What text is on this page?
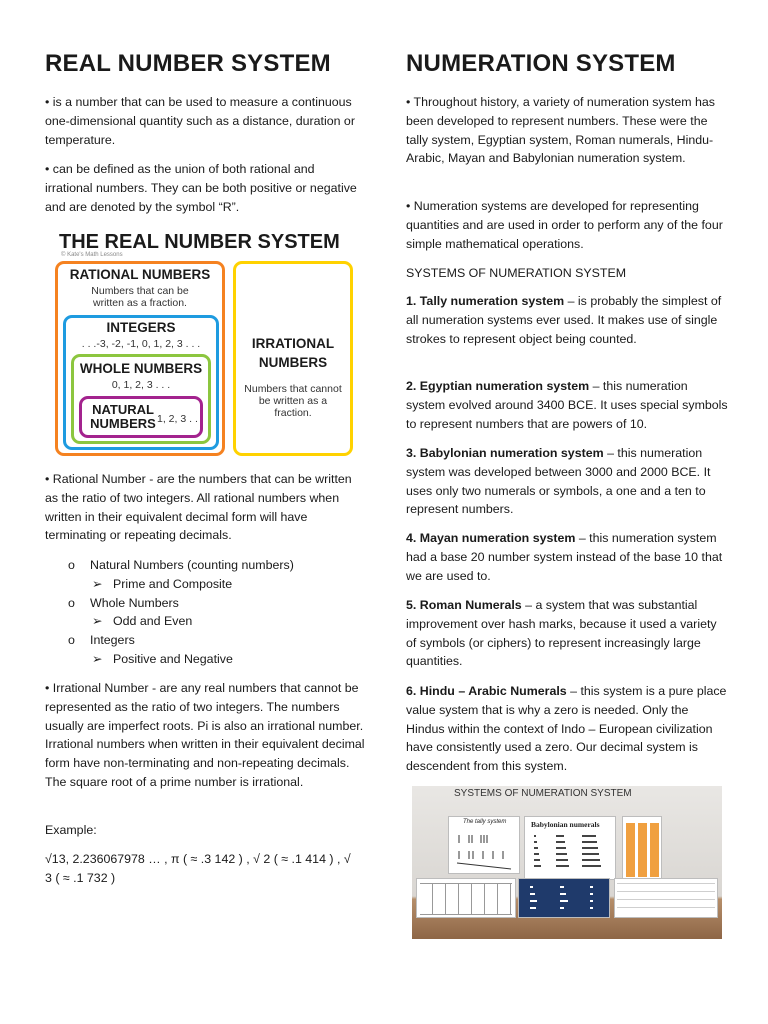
REAL NUMBER SYSTEM

• is a number that can be used to measure a continuous one-dimensional quantity such as a distance, duration or temperature.

• can be defined as the union of both rational and irrational numbers. They can be both positive or negative and are denoted by the symbol “R”.

THE REAL NUMBER SYSTEM
© Kate's Math Lessons
RATIONAL NUMBERS
Numbers that can be written as a fraction.
INTEGERS
. . .-3, -2, -1, 0, 1, 2, 3 . . .
WHOLE NUMBERS
0, 1, 2, 3 . . .
NATURAL
NUMBERS 1, 2, 3 . .
IRRATIONAL
NUMBERS
Numbers that cannot be written as a fraction.

• Rational Number - are the numbers that can be written as the ratio of two integers. All rational numbers when written in their equivalent decimal form will have terminating or repeating decimals.

o Natural Numbers (counting numbers)
➢ Prime and Composite
o Whole Numbers
➢ Odd and Even
o Integers
➢ Positive and Negative

• Irrational Number - are any real numbers that cannot be represented as the ratio of two integers. The numbers usually are imperfect roots. Pi is also an irrational number. Irrational numbers when written in their equivalent decimal form have non-terminating and non-repeating decimals. The square root of a prime number is irrational.

Example:

√13, 2.236067978 … , π ( ≈ .3 142 ) , √ 2 ( ≈ .1 414 ) , √

3 ( ≈ .1 732 )

NUMERATION SYSTEM

• Throughout history, a variety of numeration system has been developed to represent numbers. These were the tally system, Egyptian system, Roman numerals, Hindu-Arabic, Mayan and Babylonian numeration system.

• Numeration systems are developed for representing quantities and are used in order to perform any of the four simple mathematical operations.

SYSTEMS OF NUMERATION SYSTEM

1. Tally numeration system – is probably the simplest of all numeration systems ever used. It makes use of single strokes to represent object being counted.

2. Egyptian numeration system – this numeration system evolved around 3400 BCE. It uses special symbols to represent numbers that are powers of 10.

3. Babylonian numeration system – this numeration system was developed between 3000 and 2000 BCE. It uses only two numerals or symbols, a one and a ten to represent numbers.

4. Mayan numeration system – this numeration system had a base 20 number system instead of the base 10 that we are used to.

5. Roman Numerals – a system that was substantial improvement over hash marks, because it used a variety of symbols (or ciphers) to represent increasingly large quantities.

6. Hindu – Arabic Numerals – this system is a pure place value system that is why a zero is needed. Only the Hindus within the context of Indo – European civilization have consistently used a zero. Our decimal system is descendent from this system.

SYSTEMS OF NUMERATION SYSTEM
The tally system	Babylonian numerals
